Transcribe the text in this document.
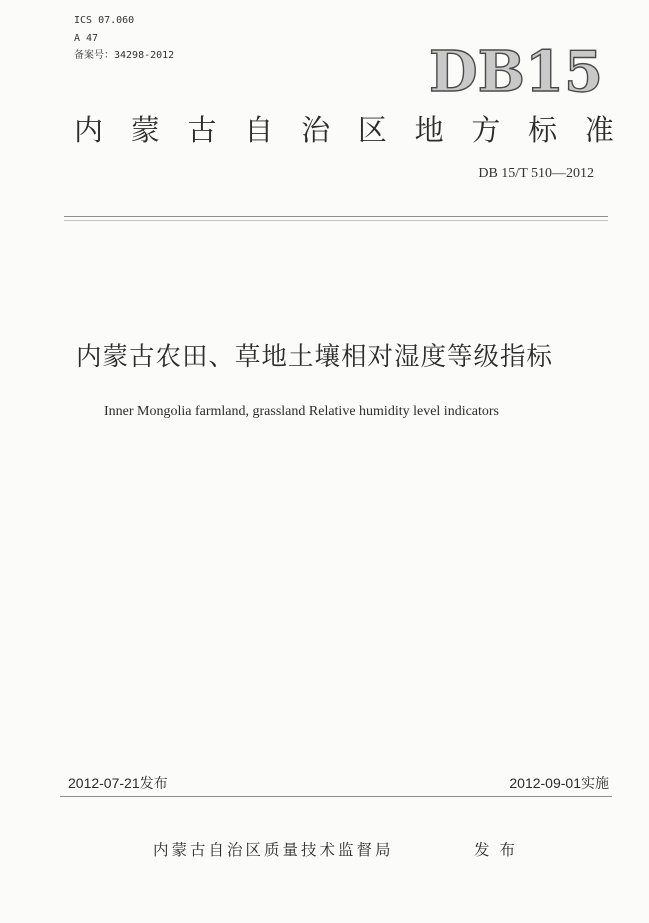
ICS 07.060
A 47
备案号：34298-2012	DB15
内 蒙 古 自 治 区 地 方 标 准
DB 15/T 510—2012
内蒙古农田、草地土壤相对湿度等级指标
Inner Mongolia farmland, grassland Relative humidity level indicators
2012-07-21发布	2012-09-01实施
内蒙古自治区质量技术监督局	发布
